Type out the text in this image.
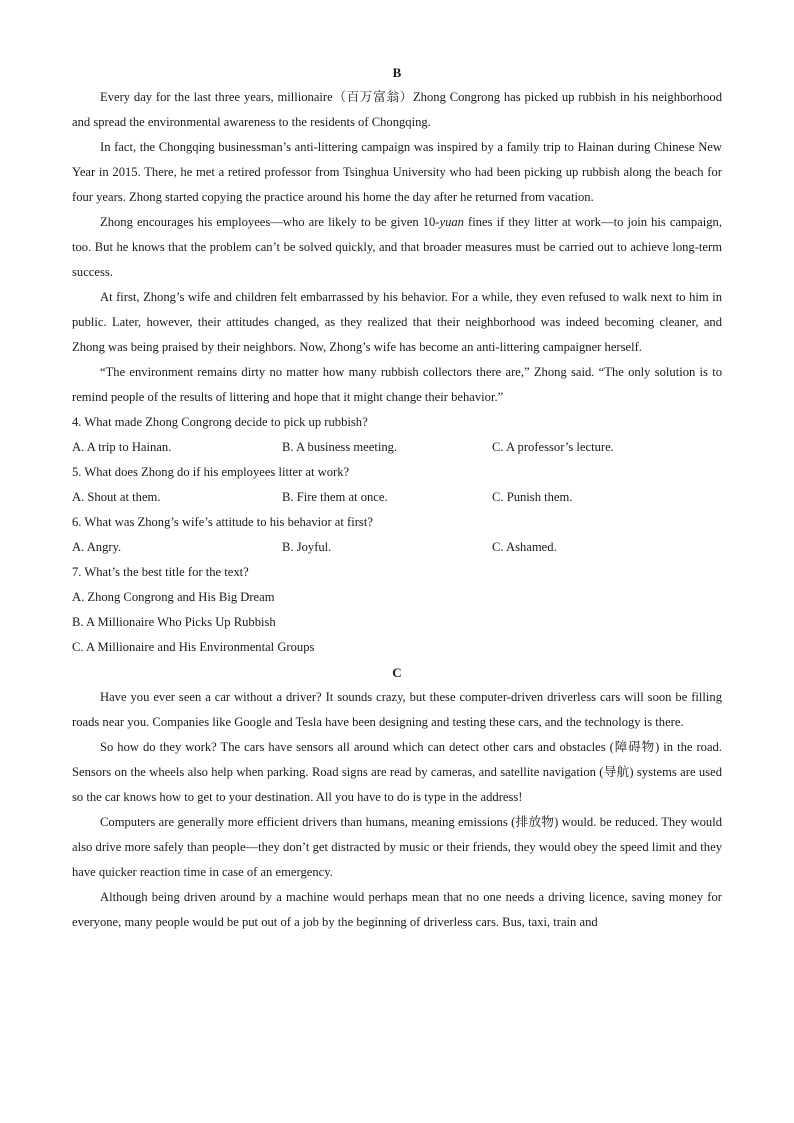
B

Every day for the last three years, millionaire（百万富翁）Zhong Congrong has picked up rubbish in his neighborhood and spread the environmental awareness to the residents of Chongqing.

In fact, the Chongqing businessman’s anti-littering campaign was inspired by a family trip to Hainan during Chinese New Year in 2015. There, he met a retired professor from Tsinghua University who had been picking up rubbish along the beach for four years. Zhong started copying the practice around his home the day after he returned from vacation.

Zhong encourages his employees—who are likely to be given 10-yuan fines if they litter at work—to join his campaign, too. But he knows that the problem can’t be solved quickly, and that broader measures must be carried out to achieve long-term success.

At first, Zhong’s wife and children felt embarrassed by his behavior. For a while, they even refused to walk next to him in public. Later, however, their attitudes changed, as they realized that their neighborhood was indeed becoming cleaner, and Zhong was being praised by their neighbors. Now, Zhong’s wife has become an anti-littering campaigner herself.

“The environment remains dirty no matter how many rubbish collectors there are,” Zhong said. “The only solution is to remind people of the results of littering and hope that it might change their behavior.”

4. What made Zhong Congrong decide to pick up rubbish?

A. A trip to Hainan.	B. A business meeting.	C. A professor’s lecture.

5. What does Zhong do if his employees litter at work?

A. Shout at them.	B. Fire them at once.	C. Punish them.

6. What was Zhong’s wife’s attitude to his behavior at first?

A. Angry.	B. Joyful.	C. Ashamed.

7. What’s the best title for the text?

A. Zhong Congrong and His Big Dream

B. A Millionaire Who Picks Up Rubbish

C. A Millionaire and His Environmental Groups

C

Have you ever seen a car without a driver? It sounds crazy, but these computer-driven driverless cars will soon be filling roads near you. Companies like Google and Tesla have been designing and testing these cars, and the technology is there.

So how do they work? The cars have sensors all around which can detect other cars and obstacles (障碍物) in the road. Sensors on the wheels also help when parking. Road signs are read by cameras, and satellite navigation (导航) systems are used so the car knows how to get to your destination. All you have to do is type in the address!

Computers are generally more efficient drivers than humans, meaning emissions (排放物) would. be reduced. They would also drive more safely than people—they don’t get distracted by music or their friends, they would obey the speed limit and they have quicker reaction time in case of an emergency.

Although being driven around by a machine would perhaps mean that no one needs a driving licence, saving money for everyone, many people would be put out of a job by the beginning of driverless cars. Bus, taxi, train and
